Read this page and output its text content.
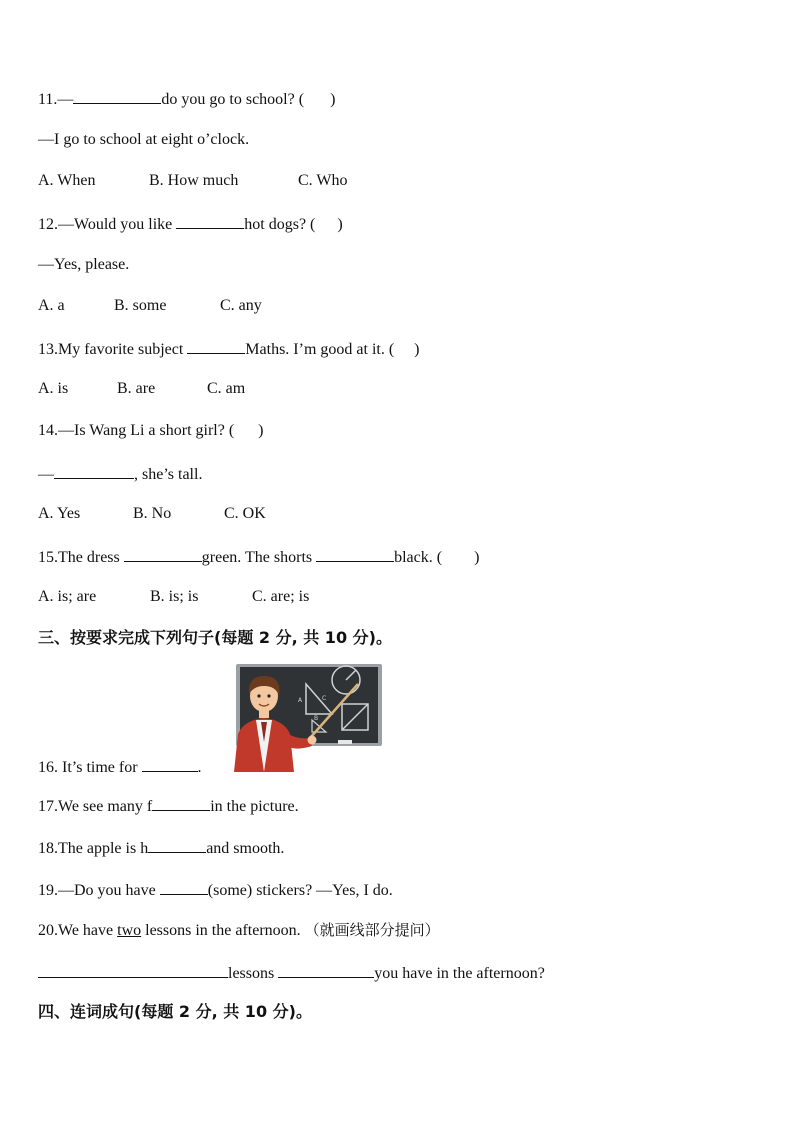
11.—	do you go to school? ( )
—I go to school at eight o’clock.
A. When	B. How much	C. Who
12.—Would you like	hot dogs? ( )
—Yes, please.
A. a	B. some	C. any
13.My favorite subject	Maths. I’m good at it. ( )
A. is	B. are	C. am
14.—Is Wang Li a short girl? ( )
—	, she’s tall.
A. Yes	B. No	C. OK
15.The dress	green. The shorts	black. ( )
A. is; are	B. is; is	C. are; is
三、按要求完成下列句子(每题 2 分, 共 10 分)。
A	C
B
16. It’s time for	.
17.We see many f	in the picture.
18.The apple is h	and smooth.
19.—Do you have	(some) stickers? —Yes, I do.
20.We have two lessons in the afternoon. （就画线部分提问）
lessons	you have in the afternoon?
四、连词成句(每题 2 分, 共 10 分)。
